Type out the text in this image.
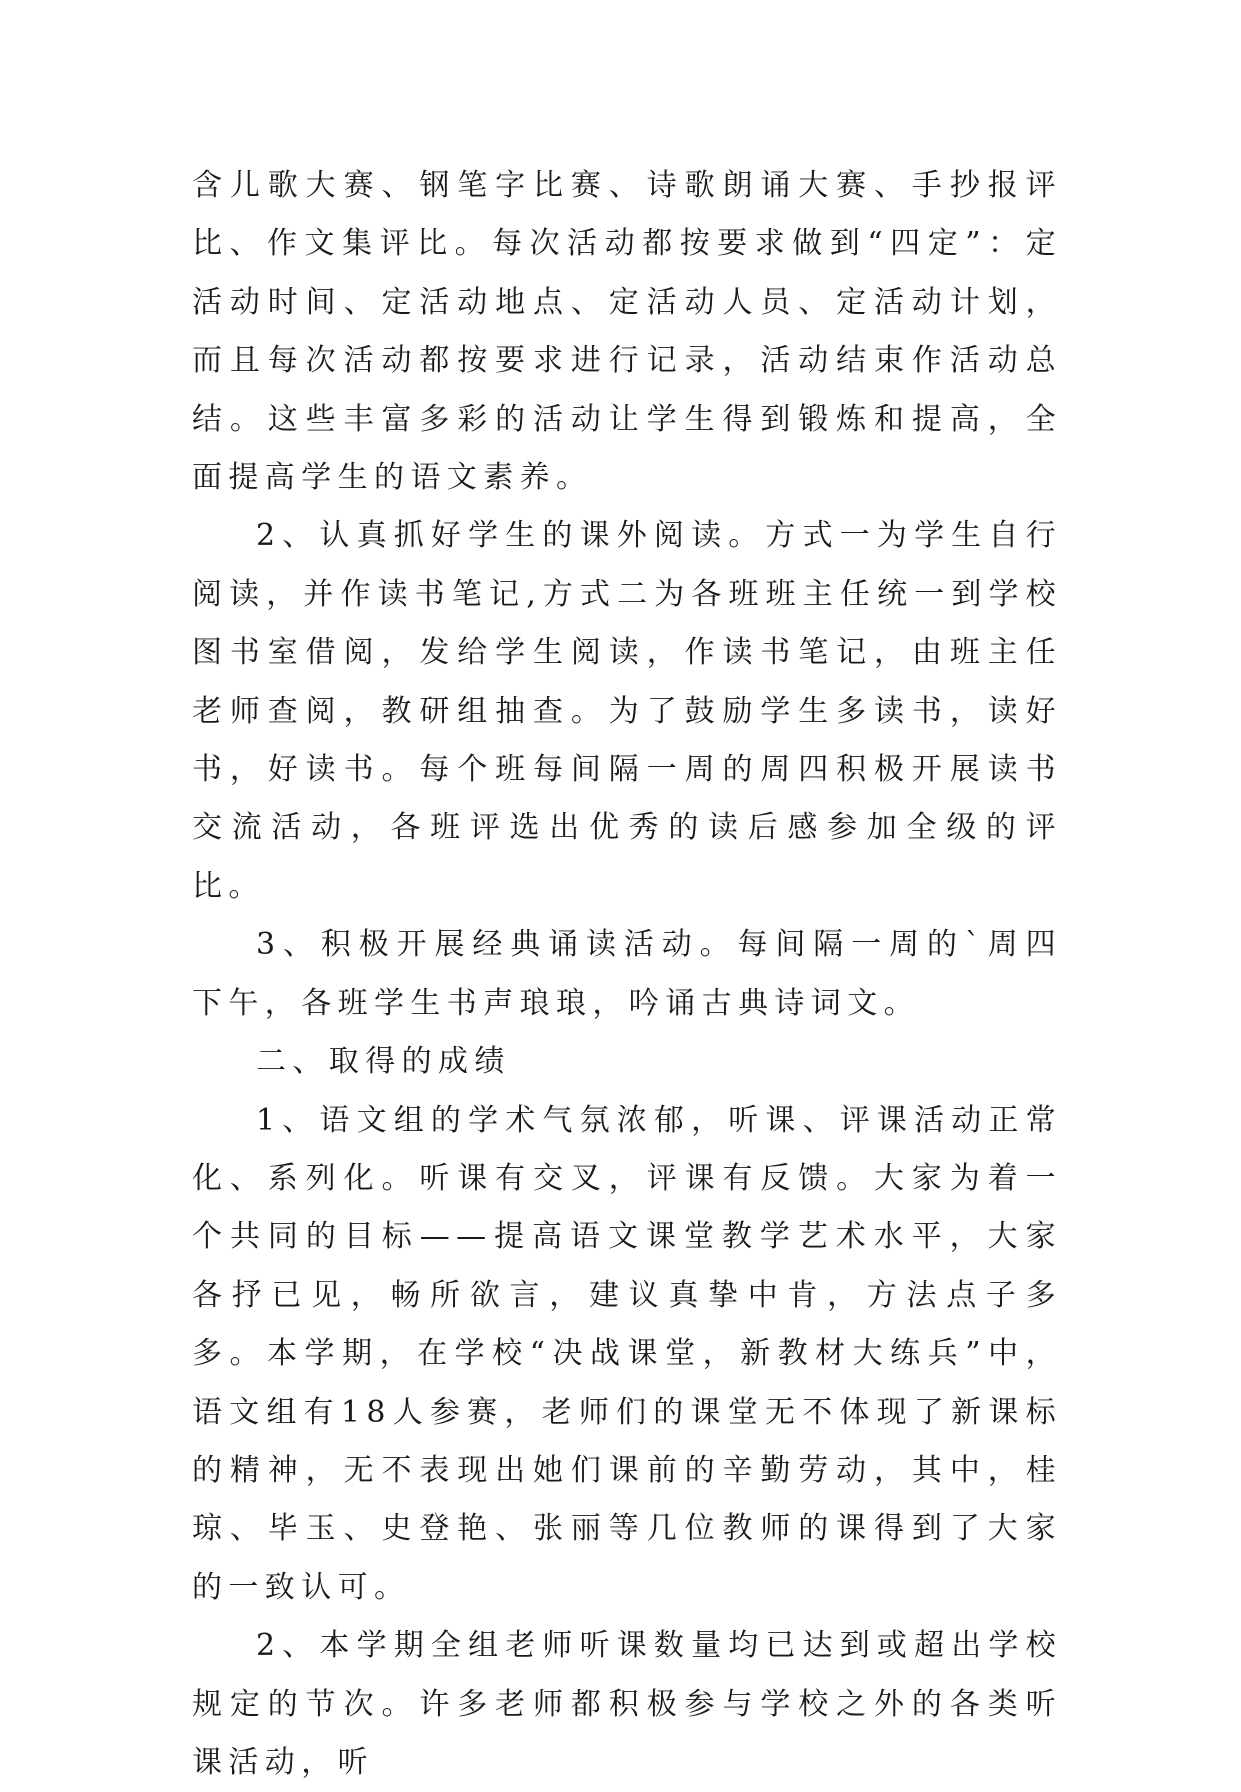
含儿歌大赛、钢笔字比赛、诗歌朗诵大赛、手抄报评比、作文集评比。每次活动都按要求做到“四定”：定活动时间、定活动地点、定活动人员、定活动计划，而且每次活动都按要求进行记录，活动结束作活动总结。这些丰富多彩的活动让学生得到锻炼和提高，全面提高学生的语文素养。

2、认真抓好学生的课外阅读。方式一为学生自行阅读，并作读书笔记,方式二为各班班主任统一到学校图书室借阅，发给学生阅读，作读书笔记，由班主任老师查阅，教研组抽查。为了鼓励学生多读书，读好书，好读书。每个班每间隔一周的周四积极开展读书交流活动，各班评选出优秀的读后感参加全级的评比。

3、积极开展经典诵读活动。每间隔一周的`周四下午，各班学生书声琅琅，吟诵古典诗词文。

二、取得的成绩

1、语文组的学术气氛浓郁，听课、评课活动正常化、系列化。听课有交叉，评课有反馈。大家为着一个共同的目标——提高语文课堂教学艺术水平，大家各抒已见，畅所欲言，建议真挚中肯，方法点子多多。本学期，在学校“决战课堂，新教材大练兵”中，语文组有18人参赛，老师们的课堂无不体现了新课标的精神，无不表现出她们课前的辛勤劳动，其中，桂琼、毕玉、史登艳、张丽等几位教师的课得到了大家的一致认可。

2、本学期全组老师听课数量均已达到或超出学校规定的节次。许多老师都积极参与学校之外的各类听课活动，听
